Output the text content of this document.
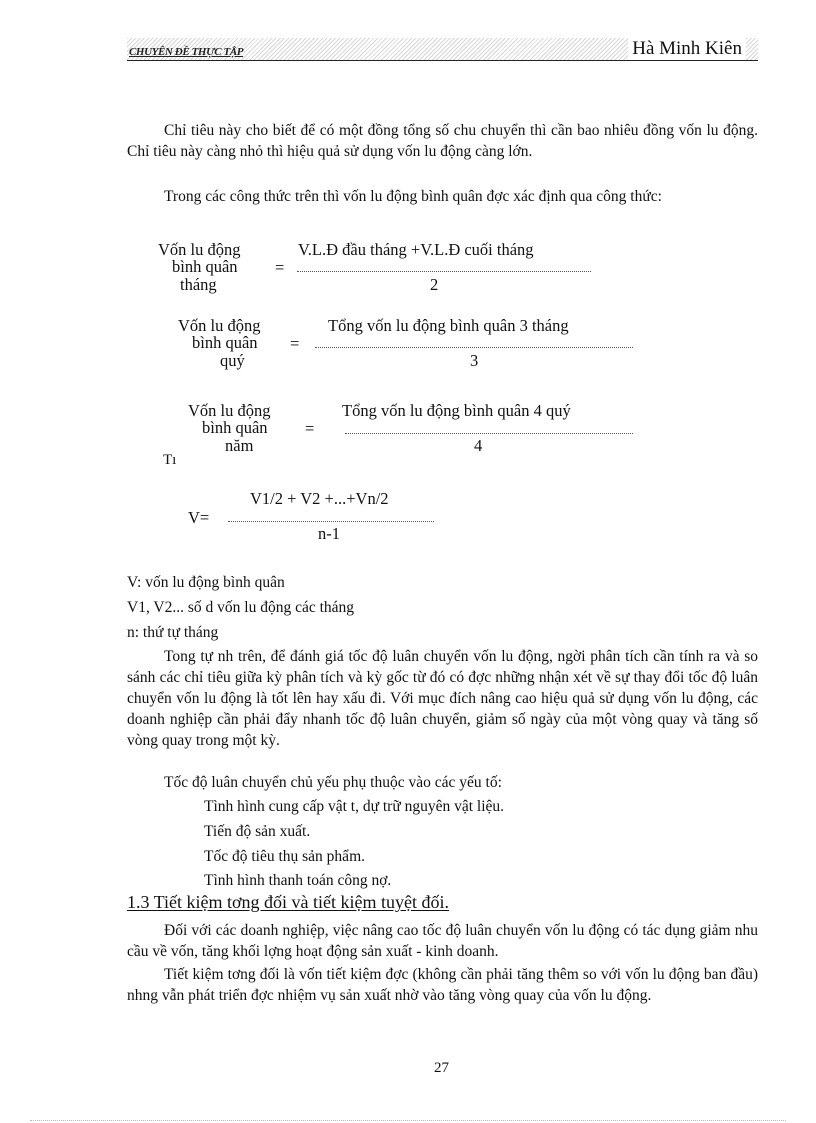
CHUYÊN ĐỀ THỰC TẬP	Hà Minh Kiên
Chỉ tiêu này cho biết để có một đồng tổng số chu chuyển thì cần bao nhiêu đồng vốn lu động. Chỉ tiêu này càng nhỏ thì hiệu quả sử dụng vốn lu động càng lớn.
Trong các công thức trên thì vốn lu động bình quân đợc xác định qua công thức:
Vốn lu động
bình quân
tháng
=
V.L.Đ đầu tháng +V.L.Đ cuối tháng
2
Vốn lu động
bình quân
quý
=
Tổng vốn lu động bình quân 3 tháng
3
Vốn lu động
bình quân
năm
=
Tổng vốn lu động bình quân 4 quý
4
Tı
V1/2 + V2 +...+Vn/2
V=
n-1
V: vốn lu động bình quân
V1, V2... số d vốn lu động các tháng
n: thứ tự tháng
Tong tự nh trên, để đánh giá tốc độ luân chuyển vốn lu động, ngời phân tích cần tính ra và so sánh các chỉ tiêu giữa kỳ phân tích và kỳ gốc từ đó có đợc những nhận xét về sự thay đổi tốc độ luân chuyển vốn lu động là tốt lên hay xấu đi. Với mục đích nâng cao hiệu quả sử dụng vốn lu động, các doanh nghiệp cần phải đẩy nhanh tốc độ luân chuyển, giảm số ngày của một vòng quay và tăng số vòng quay trong một kỳ.
Tốc độ luân chuyển chủ yếu phụ thuộc vào các yếu tố:
Tình hình cung cấp vật t, dự trữ nguyên vật liệu.
Tiến độ sản xuất.
Tốc độ tiêu thụ sản phẩm.
Tình hình thanh toán công nợ.
1.3 Tiết kiệm tơng đối và tiết kiệm tuyệt đối.
Đối với các doanh nghiệp, việc nâng cao tốc độ luân chuyển vốn lu động có tác dụng giảm nhu cầu về vốn, tăng khối lợng hoạt động sản xuất - kinh doanh.
Tiết kiệm tơng đối là vốn tiết kiệm đợc (không cần phải tăng thêm so với vốn lu động ban đầu) nhng vẫn phát triển đợc nhiệm vụ sản xuất nhờ vào tăng vòng quay của vốn lu động.
27
